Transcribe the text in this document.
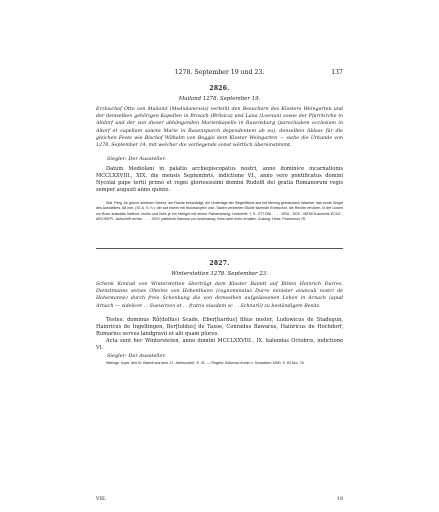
1278. September 19 und 23.	137
2826.
Mailand 1278. September 19.
Erzbischof Otto von Mailand (Mediolanensis) verleiht den Besuchern des Klosters Weingarten und der demselben gehörigen Kapellen in Brisach (Brilsica) und Lana (Loenun) sowie der Pfarrkirche in Altdorf und der von dieser abhängenden Marienkapelle in Ravensburg (parochialem ecclesiam in Altorf et capellam sancte Marie in Ravenspurch dependentem ab ea), denselben Ablass für die gleichen Feste wie Bischof Wilhelm von Beggio dem Kloster Weingarten — siehe die Urkunde von 1278, September 14, mit welcher die vorliegende sonst wörtlich übereinstimmt.
Siegler: Der Aussteller.
Datum Mediolani in palatio archiepiscopatus nostri, anno dominice incarnationis MCCLXXVIII., XIX. die mensis Septembris, indictione VI., anno vero pontificatus domini Nycolai pape tertii primo et regni gloriosissimi domini Rudolfi dei gratia Romanorum regis semper augusti anno quinto.
Stal. Perg. An grüner seidener Schnur, am Rande beschädigt, die Umterlage der Siegelfläche aus mit Mennig gemischtem Wachse, das runde Siegel des Ausstellers, 68 mm, (St. A. S. h.): der auf einem mit Hundsköpfen und -Tatzen verzierten Stuhle sitzende Erzbischof, die Rechte erhoben, in der Linken ein Buch auswärts haltend, rechts und links je ein Heiliger mit einem Palmenzweig; Umschrift: † S. OTTONI . . . . GRA . SCE . MEDIOLanensis ECCE . ARCHIEPI . Aufschrift rechts: . . . . SIVS (vielleicht Sanctus von Ambrosius), links nicht mehr erhalten. Auszug: Hess, Prodromus 78.
2827.
Winterstetten 1278. September 23.
Schenk Konrad von Winterstetten überträgt dem Kloster Baindt auf Bitten Heinrich Durres, Dienstmanns seines Oheims von Hohenthann (cognominatus Durre minister avunculi nostri de Hohentanne) durch freie Schenkung die von demselben aufgelassenen Lehen in Arnach (apud Arnach — videlicet . . Suewirzen et . . fratris eiusdem sc . . Schnarii) zu beständigem Besitz.
Testes: dominus Rů(dolfus) Scade, Eber[hardus] filius noster, Ludowicus de Stadegun, Hainricus de Ingeltingen, Ber[toldus] de Taxoe, Conradus Bawarus, Hainricus de Hochdorf, Rumarius servus landgravii et alii quam plures.
Acta sunt hec Wintersteten, anno domini MCCLXXVIII., IX. kalendas Octobris, indictione VI.
Siegler: Der Aussteller.
Weiloge. Kopb. des Kl. Baindt aus dem 17. Jahrhundert, S. 91. — Regest: Dölsman-Archiv v. Schwaben 1890, S. 83 Nro. 76.
VIII.	18
